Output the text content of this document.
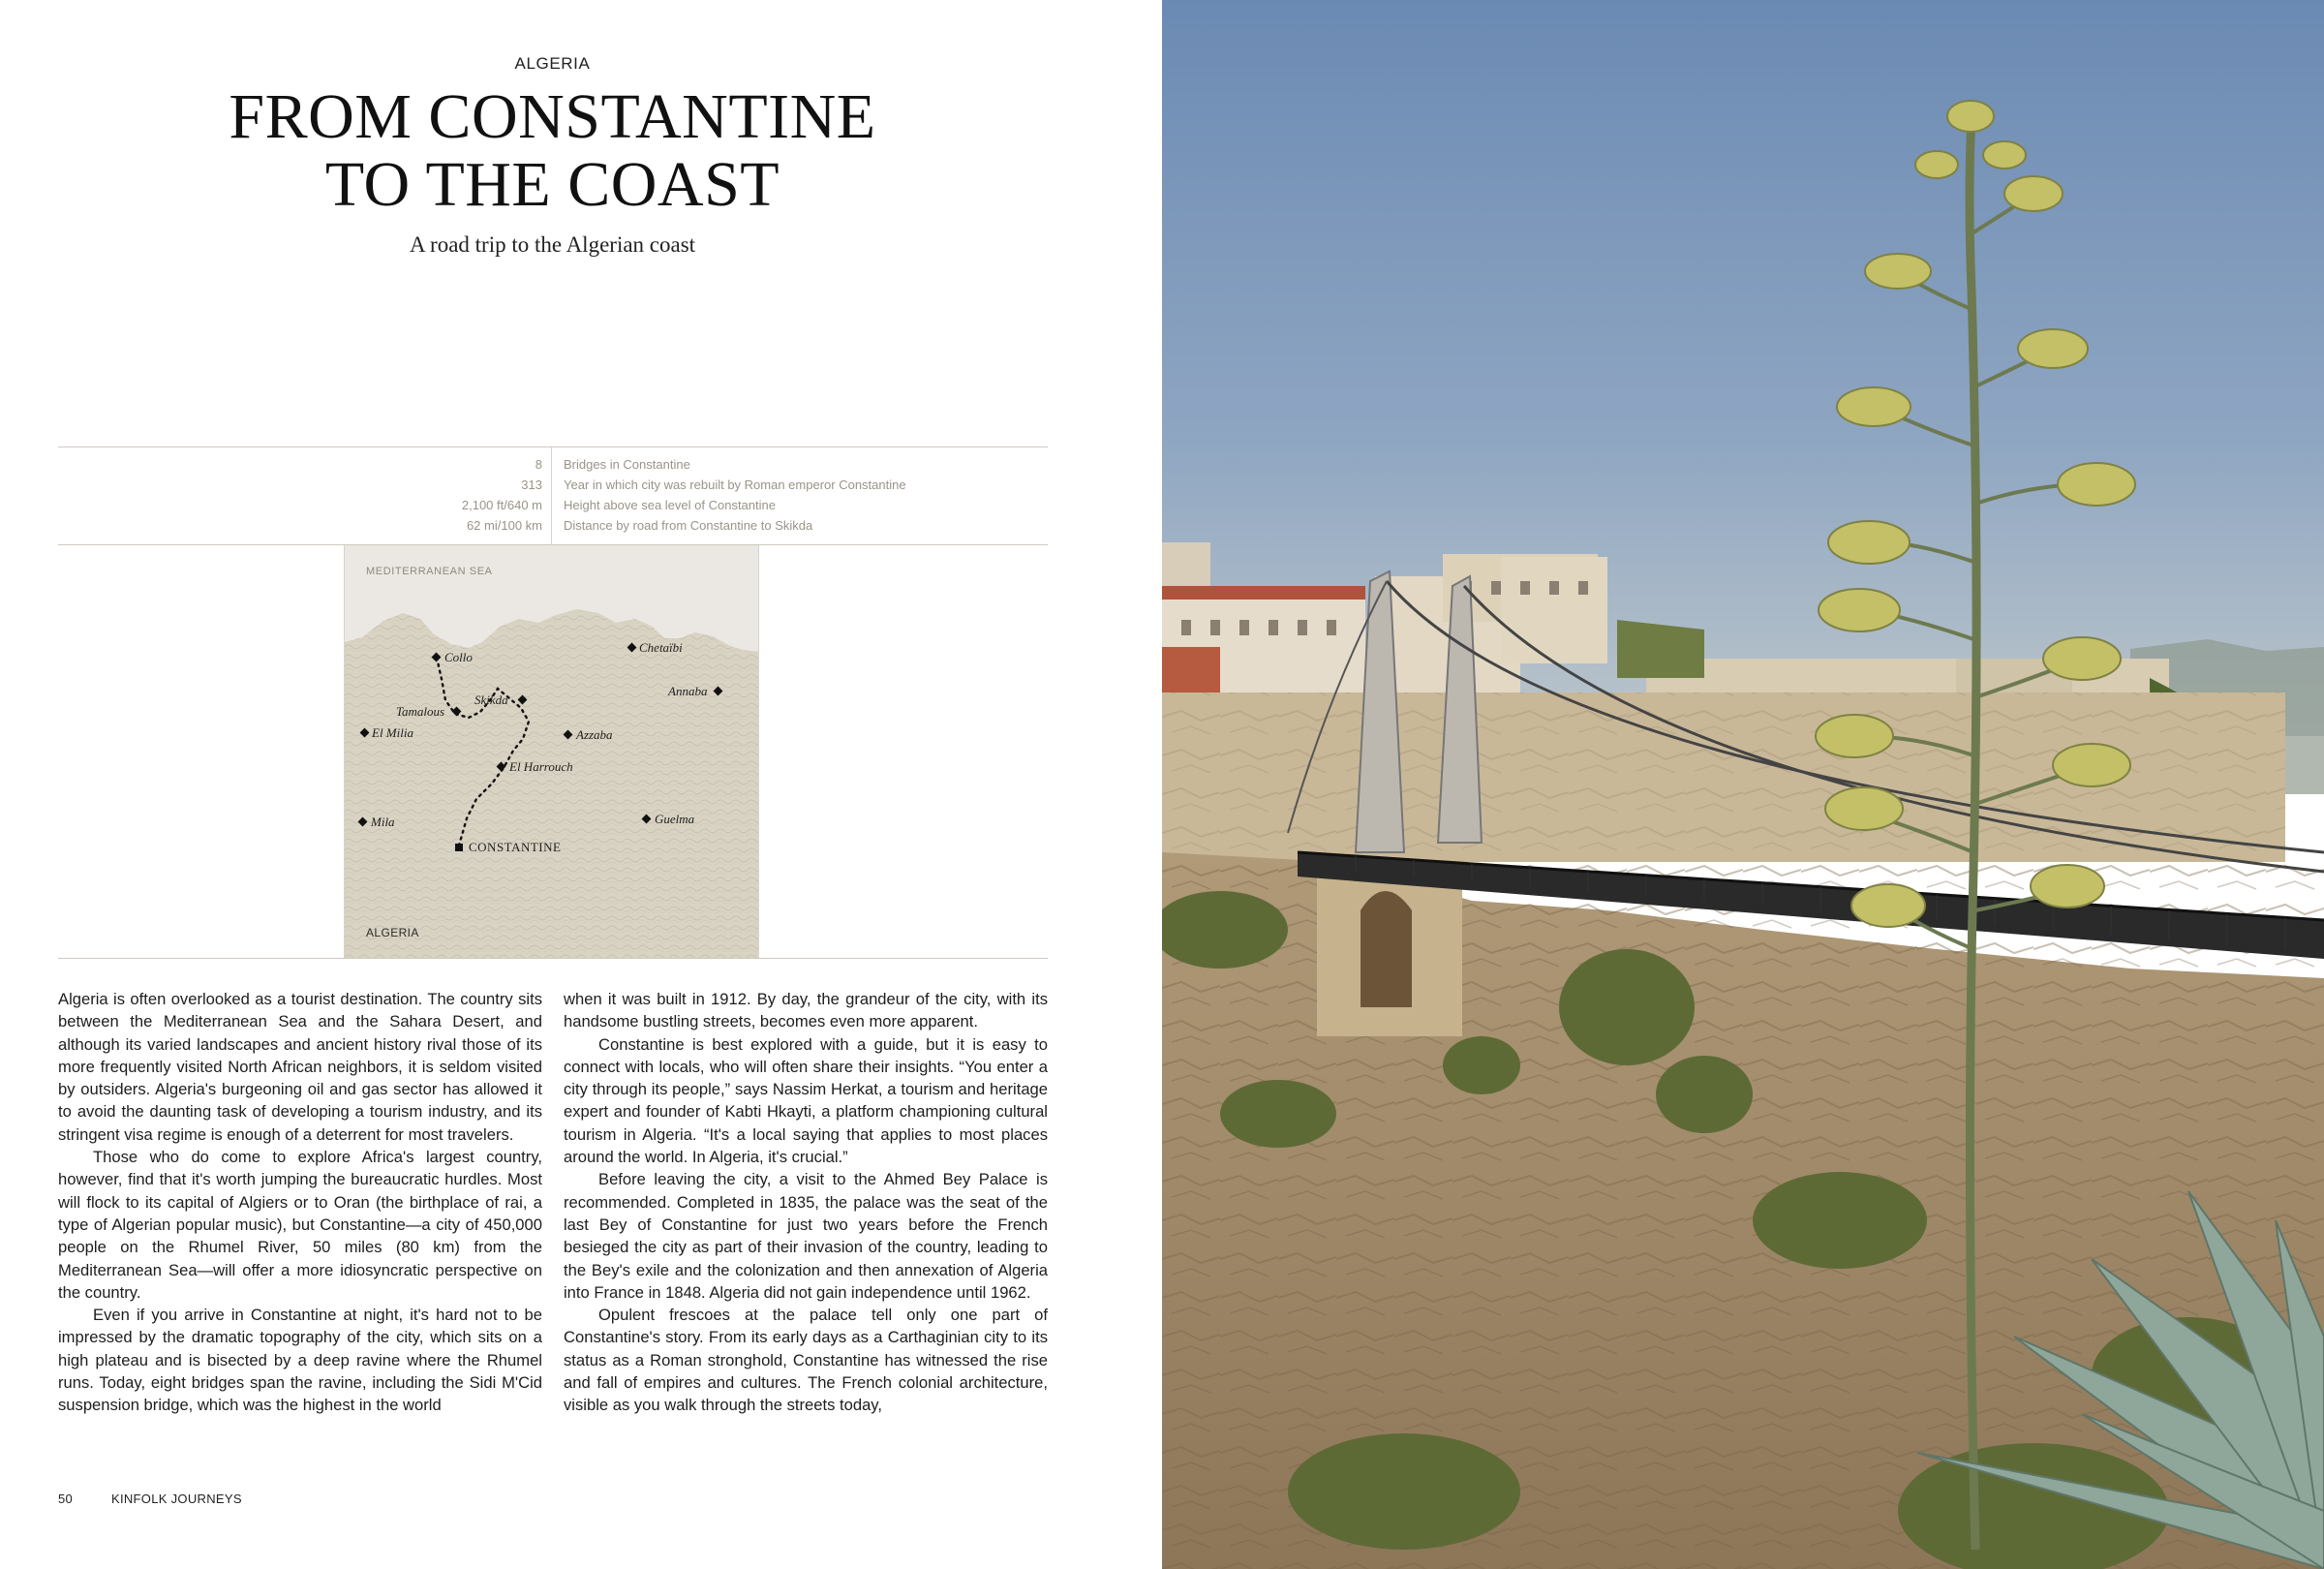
ALGERIA
FROM CONSTANTINE
TO THE COAST
A road trip to the Algerian coast
8 Bridges in Constantine
313 Year in which city was rebuilt by Roman emperor Constantine
2,100 ft/640 m Height above sea level of Constantine
62 mi/100 km Distance by road from Constantine to Skikda
Collo
Chetaïbi
Annaba
Skikda
Tamalous
El Milia	Azzaba
El Harrouch
Mila	Guelma
CONSTANTINE
MEDITERRANEAN SEA
ALGERIA

Algeria is often overlooked as a tourist destination. The country sits between the Mediterranean Sea and the Sahara Desert, and although its varied landscapes and ancient history rival those of its more frequently visited North African neighbors, it is seldom visited by outsiders. Algeria's burgeoning oil and gas sector has allowed it to avoid the daunting task of developing a tourism industry, and its stringent visa regime is enough of a deterrent for most travelers.

Those who do come to explore Africa's largest country, however, find that it's worth jumping the bureaucratic hurdles. Most will flock to its capital of Algiers or to Oran (the birthplace of rai, a type of Algerian popular music), but Constantine—a city of 450,000 people on the Rhumel River, 50 miles (80 km) from the Mediterranean Sea—will offer a more idiosyncratic perspective on the country.

Even if you arrive in Constantine at night, it's hard not to be impressed by the dramatic topography of the city, which sits on a high plateau and is bisected by a deep ravine where the Rhumel runs. Today, eight bridges span the ravine, including the Sidi M'Cid suspension bridge, which was the highest in the world

when it was built in 1912. By day, the grandeur of the city, with its handsome bustling streets, becomes even more apparent.

Constantine is best explored with a guide, but it is easy to connect with locals, who will often share their insights. “You enter a city through its people,” says Nassim Herkat, a tourism and heritage expert and founder of Kabti Hkayti, a platform championing cultural tourism in Algeria. “It's a local saying that applies to most places around the world. In Algeria, it's crucial.”

Before leaving the city, a visit to the Ahmed Bey Palace is recommended. Completed in 1835, the palace was the seat of the last Bey of Constantine for just two years before the French besieged the city as part of their invasion of the country, leading to the Bey's exile and the colonization and then annexation of Algeria into France in 1848. Algeria did not gain independence until 1962.

Opulent frescoes at the palace tell only one part of Constantine's story. From its early days as a Carthaginian city to its status as a Roman stronghold, Constantine has witnessed the rise and fall of empires and cultures. The French colonial architecture, visible as you walk through the streets today,

50	KINFOLK JOURNEYS
